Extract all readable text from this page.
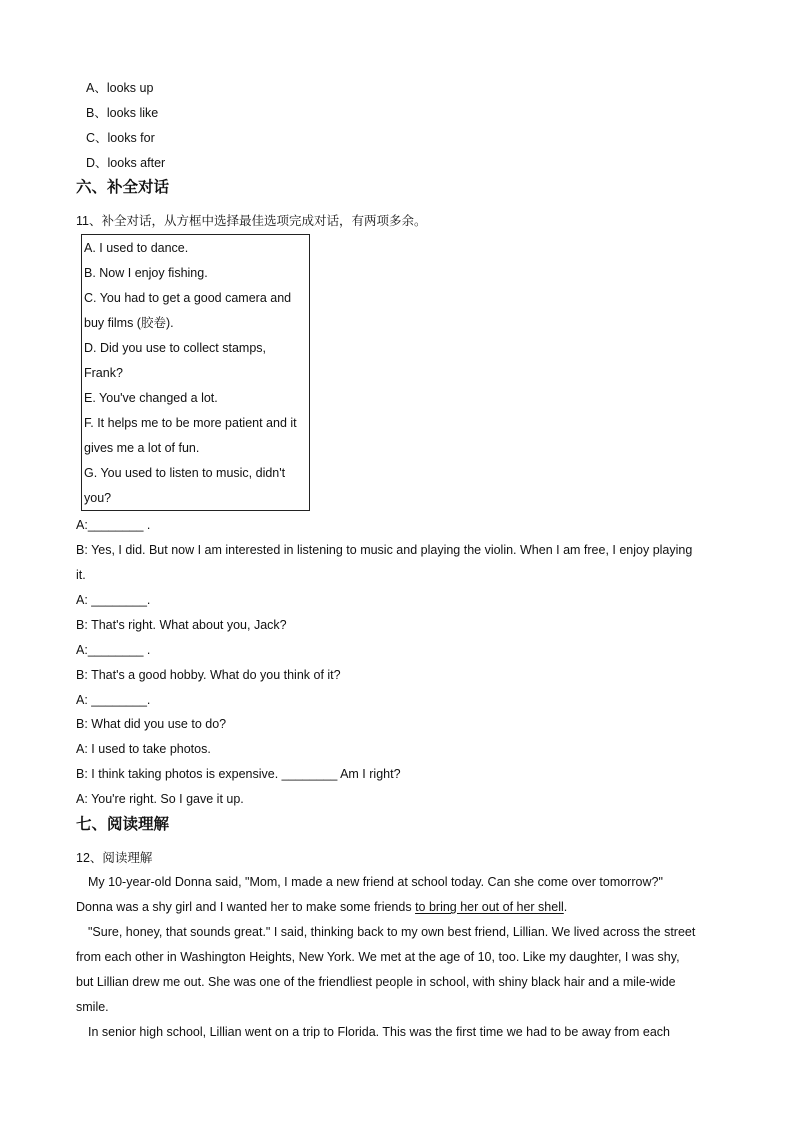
A、looks up
B、looks like
C、looks for
D、looks after
六、补全对话
11、补全对话，从方框中选择最佳选项完成对话，有两项多余。
A. I used to dance.
B. Now I enjoy fishing.
C. You had to get a good camera and
buy films (胶卷).
D. Did you use to collect stamps,
Frank?
E. You've changed a lot.
F. It helps me to be more patient and it
gives me a lot of fun.
G. You used to listen to music, didn't
you?
A:________ .
B: Yes, I did. But now I am interested in listening to music and playing the violin. When I am free, I enjoy playing
it.
A: ________.
B: That's right. What about you, Jack?
A:________ .
B: That's a good hobby. What do you think of it?
A: ________.
B: What did you use to do?
A: I used to take photos.
B: I think taking photos is expensive. ________ Am I right?
A: You're right. So I gave it up.
七、阅读理解
12、阅读理解
My 10-year-old Donna said, "Mom, I made a new friend at school today. Can she come over tomorrow?"
Donna was a shy girl and I wanted her to make some friends to bring her out of her shell.
"Sure, honey, that sounds great." I said, thinking back to my own best friend, Lillian. We lived across the street
from each other in Washington Heights, New York. We met at the age of 10, too. Like my daughter, I was shy,
but Lillian drew me out. She was one of the friendliest people in school, with shiny black hair and a mile-wide
smile.
In senior high school, Lillian went on a trip to Florida. This was the first time we had to be away from each
